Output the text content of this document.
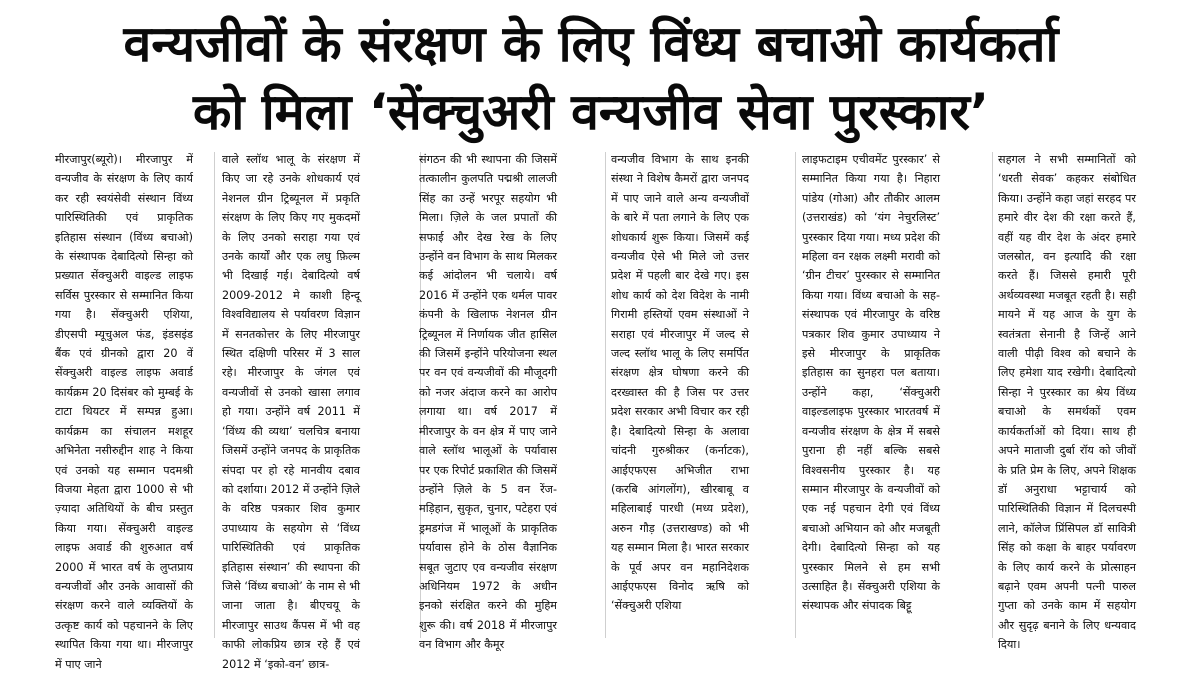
वन्यजीवों के संरक्षण के लिए विंध्य बचाओ कार्यकर्ता
को मिला ‘सेंक्चुअरी वन्यजीव सेवा पुरस्कार’

मीरजापुर(ब्यूरो)। मीरजापुर में वन्यजीव के संरक्षण के लिए कार्य कर रही स्वयंसेवी संस्थान विंध्य पारिस्थितिकी एवं प्राकृतिक इतिहास संस्थान (विंध्य बचाओ) के संस्थापक देबादित्यो सिन्हा को प्रख्यात सेंक्चुअरी वाइल्ड लाइफ सर्विस पुरस्कार से सम्मानित किया गया है। सेंक्चुअरी एशिया, डीएसपी म्यूचुअल फंड, इंडसइंड बैंक एवं ग्रीनको द्वारा 20 वें सेंक्चुअरी वाइल्ड लाइफ अवार्ड कार्यक्रम 20 दिसंबर को मुम्बई के टाटा थियटर में सम्पन्न हुआ। कार्यक्रम का संचालन मशहूर अभिनेता नसीरुद्दीन शाह ने किया एवं उनको यह सम्मान पदमश्री विजया मेहता द्वारा 1000 से भी ज़्यादा अतिथियों के बीच प्रस्तुत किया गया। सेंक्चुअरी वाइल्ड लाइफ अवार्ड की शुरुआत वर्ष 2000 में भारत वर्ष के लुप्तप्राय वन्यजीवों और उनके आवासों की संरक्षण करने वाले व्यक्तियों के उत्कृष्ट कार्य को पहचानने के लिए स्थापित किया गया था। मीरजापुर में पाए जाने

वाले स्लॉथ भालू के संरक्षण में किए जा रहे उनके शोधकार्य एवं नेशनल ग्रीन ट्रिब्यूनल में प्रकृति संरक्षण के लिए किए गए मुकदमों के लिए उनको सराहा गया एवं उनके कार्यों और एक लघु फ़िल्म भी दिखाई गई। देबादित्यो वर्ष 2009-2012 मे काशी हिन्दू विश्वविद्यालय से पर्यावरण विज्ञान में सनतकोत्तर के लिए मीरजापुर स्थित दक्षिणी परिसर में 3 साल रहे। मीरजापुर के जंगल एवं वन्यजीवों से उनको खासा लगाव हो गया। उन्होंने वर्ष 2011 में ‘विंध्य की व्यथा’ चलचित्र बनाया जिसमें उन्होंने जनपद के प्राकृतिक संपदा पर हो रहे मानवीय दबाव को दर्शाया। 2012 में उन्होंने ज़िले के वरिष्ठ पत्रकार शिव कुमार उपाध्याय के सहयोग से ‘विंध्य पारिस्थितिकी एवं प्राकृतिक इतिहास संस्थान’ की स्थापना की जिसे ‘विंध्य बचाओ’ के नाम से भी जाना जाता है। बीएचयू के मीरजापुर साउथ कैंपस में भी वह काफी लोकप्रिय छात्र रहे हैं एवं 2012 में ‘इको-वन’ छात्र-

संगठन की भी स्थापना की जिसमें तत्कालीन कुलपति पद्मश्री लालजी सिंह का उन्हें भरपूर सहयोग भी मिला। ज़िले के जल प्रपातों की सफाई और देख रेख के लिए उन्होंने वन विभाग के साथ मिलकर कई आंदोलन भी चलाये। वर्ष 2016 में उन्होंने एक थर्मल पावर कंपनी के खिलाफ नेशनल ग्रीन ट्रिब्यूनल में निर्णायक जीत हासिल की जिसमें इन्होंने परियोजना स्थल पर वन एवं वन्यजीवों की मौजूदगी को नजर अंदाज करने का आरोप लगाया था। वर्ष 2017 में मीरजापुर के वन क्षेत्र में पाए जाने वाले स्लॉथ भालूओं के पर्यावास पर एक रिपोर्ट प्रकाशित की जिसमें उन्होंने ज़िले के 5 वन रेंज- मड़िहान, सुकृत, चुनार, पटेहरा एवं ड्रमडगंज में भालूओं के प्राकृतिक पर्यावास होने के ठोस वैज्ञानिक सबूत जुटाए एव वन्यजीव संरक्षण अधिनियम 1972 के अधीन इनको संरक्षित करने की मुहिम शुरू की। वर्ष 2018 में मीरजापुर वन विभाग और कैमूर

वन्यजीव विभाग के साथ इनकी संस्था ने विशेष कैमरों द्वारा जनपद में पाए जाने वाले अन्य वन्यजीवों के बारे में पता लगाने के लिए एक शोधकार्य शुरू किया। जिसमें कई वन्यजीव ऐसे भी मिले जो उत्तर प्रदेश में पहली बार देखे गए। इस शोध कार्य को देश विदेश के नामी गिरामी हस्तियों एवम संस्थाओं ने सराहा एवं मीरजापुर में जल्द से जल्द स्लॉथ भालू के लिए समर्पित संरक्षण क्षेत्र घोषणा करने की दरख्वास्त की है जिस पर उत्तर प्रदेश सरकार अभी विचार कर रही है। देबादित्यो सिन्हा के अलावा चांदनी गुरुश्रीकर (कर्नाटक), आईएफएस अभिजीत राभा (करबि आंगलोंग), खीरबाबू व महिलाबाई पारधी (मध्य प्रदेश), अरुन गौड़ (उत्तराखण्ड) को भी यह सम्मान मिला है। भारत सरकार के पूर्व अपर वन महानिदेशक आईएफएस विनोद ऋषि को ‘सेंक्चुअरी एशिया

लाइफटाइम एचीवमेंट पुरस्कार’ से सम्मानित किया गया है। निहारा पांडेय (गोआ) और तौकीर आलम (उत्तराखंड) को ‘यंग नेचुरलिस्ट’ पुरस्कार दिया गया। मध्य प्रदेश की महिला वन रक्षक लक्ष्मी मरावी को ‘ग्रीन टीचर’ पुरस्कार से सम्मानित किया गया। विंध्य बचाओ के सह-संस्थापक एवं मीरजापुर के वरिष्ठ पत्रकार शिव कुमार उपाध्याय ने इसे मीरजापुर के प्राकृतिक इतिहास का सुनहरा पल बताया। उन्होंने कहा, ‘सेंक्चुअरी वाइल्डलाइफ पुरस्कार भारतवर्ष में वन्यजीव संरक्षण के क्षेत्र में सबसे पुराना ही नहीं बल्कि सबसे विश्वसनीय पुरस्कार है। यह सम्मान मीरजापुर के वन्यजीवों को एक नई पहचान देगी एवं विंध्य बचाओ अभियान को और मजबूती देगी। देबादित्यो सिन्हा को यह पुरस्कार मिलने से हम सभी उत्साहित है। सेंक्चुअरी एशिया के संस्थापक और संपादक बिट्टू

सहगल ने सभी सम्मानितों को ‘धरती सेवक’ कहकर संबोधित किया। उन्होंने कहा जहां सरहद पर हमारे वीर देश की रक्षा करते हैं, वहीं यह वीर देश के अंदर हमारे जलस्रोत, वन इत्यादि की रक्षा करते हैं। जिससे हमारी पूरी अर्थव्यवस्था मजबूत रहती है। सही मायने में यह आज के युग के स्वतंत्रता सेनानी है जिन्हें आने वाली पीढ़ी विश्व को बचाने के लिए हमेशा याद रखेगी। देबादित्यो सिन्हा ने पुरस्कार का श्रेय विंध्य बचाओ के समर्थकों एवम कार्यकर्ताओं को दिया। साथ ही अपने माताजी दुर्बा रॉय को जीवों के प्रति प्रेम के लिए, अपने शिक्षक डॉ अनुराधा भट्टाचार्य को पारिस्थितिकी विज्ञान में दिलचस्पी लाने, कॉलेज प्रिंसिपल डॉ सावित्री सिंह को कक्षा के बाहर पर्यावरण के लिए कार्य करने के प्रोत्साहन बढ़ाने एवम अपनी पत्नी पारुल गुप्ता को उनके काम में सहयोग और सुदृढ़ बनाने के लिए धन्यवाद दिया।
